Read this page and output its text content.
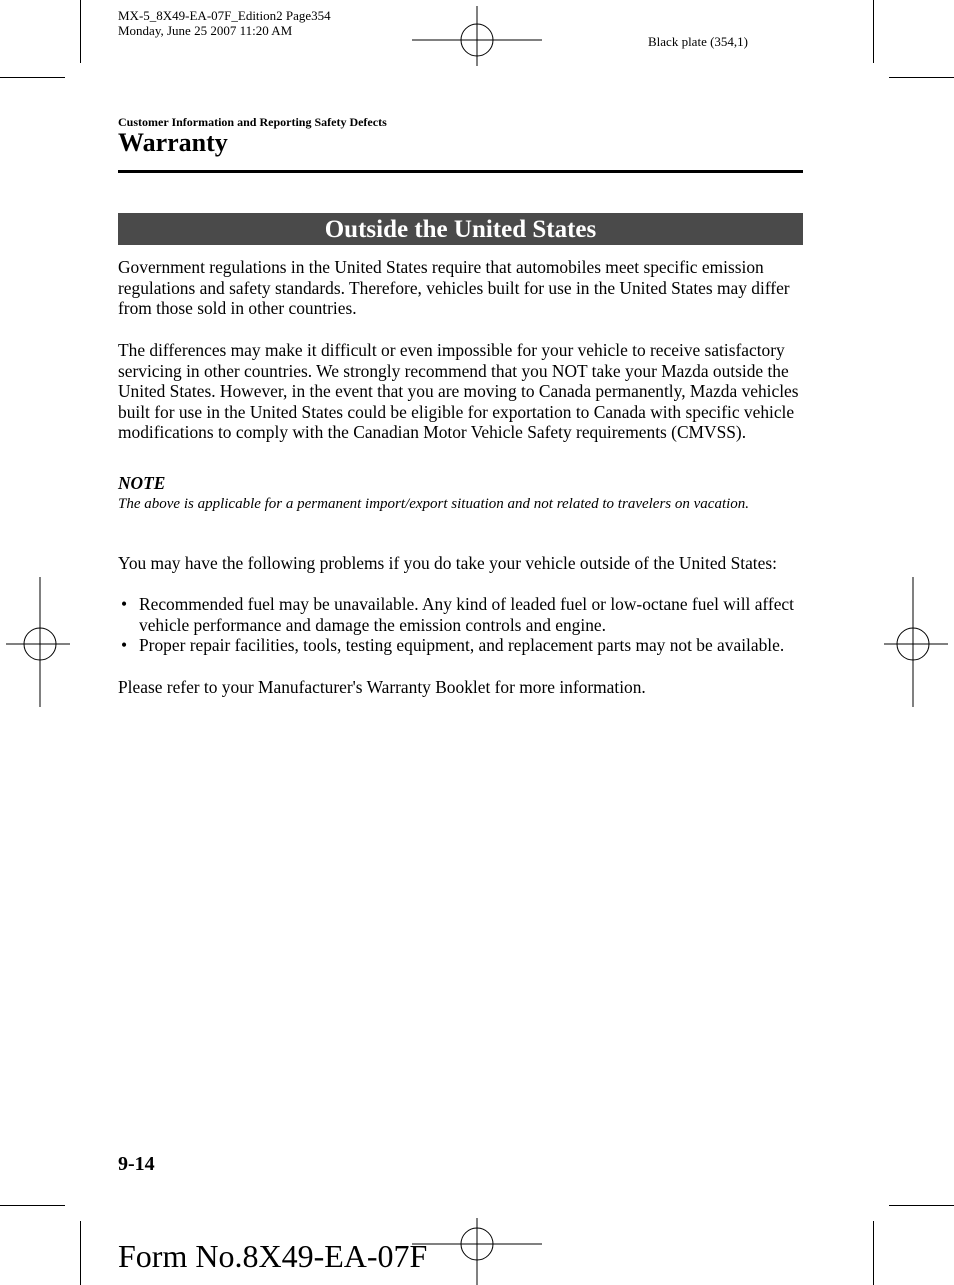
MX-5_8X49-EA-07F_Edition2 Page354
Monday, June 25 2007 11:20 AM
Black plate (354,1)
Customer Information and Reporting Safety Defects
Warranty
Outside the United States
Government regulations in the United States require that automobiles meet specific emission regulations and safety standards. Therefore, vehicles built for use in the United States may differ from those sold in other countries.
The differences may make it difficult or even impossible for your vehicle to receive satisfactory servicing in other countries. We strongly recommend that you NOT take your Mazda outside the United States. However, in the event that you are moving to Canada permanently, Mazda vehicles built for use in the United States could be eligible for exportation to Canada with specific vehicle modifications to comply with the Canadian Motor Vehicle Safety requirements (CMVSS).
NOTE
The above is applicable for a permanent import/export situation and not related to travelers on vacation.
You may have the following problems if you do take your vehicle outside of the United States:
• Recommended fuel may be unavailable. Any kind of leaded fuel or low-octane fuel will affect vehicle performance and damage the emission controls and engine.
• Proper repair facilities, tools, testing equipment, and replacement parts may not be available.
Please refer to your Manufacturer's Warranty Booklet for more information.
9-14
Form No.8X49-EA-07F
